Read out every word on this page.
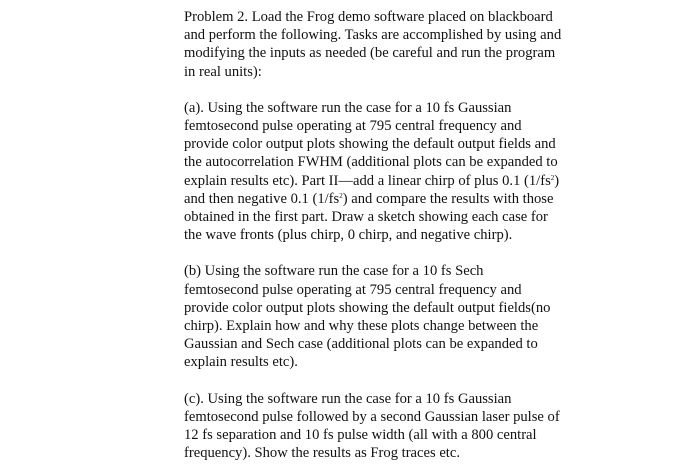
Problem 2. Load the Frog demo software placed on blackboard
and perform the following. Tasks are accomplished by using and
modifying the inputs as needed (be careful and run the program
in real units):

(a). Using the software run the case for a 10 fs Gaussian
femtosecond pulse operating at 795 central frequency and
provide color output plots showing the default output fields and
the autocorrelation FWHM (additional plots can be expanded to
explain results etc). Part II—add a linear chirp of plus 0.1 $(1/fs^2)$
and then negative 0.1 $(1/fs^2)$ and compare the results with those
obtained in the first part. Draw a sketch showing each case for
the wave fronts (plus chirp, 0 chirp, and negative chirp).

(b) Using the software run the case for a 10 fs Sech
femtosecond pulse operating at 795 central frequency and
provide color output plots showing the default output fields(no
chirp). Explain how and why these plots change between the
Gaussian and Sech case (additional plots can be expanded to
explain results etc).

(c). Using the software run the case for a 10 fs Gaussian
femtosecond pulse followed by a second Gaussian laser pulse of
12 fs separation and 10 fs pulse width (all with a 800 central
frequency). Show the results as Frog traces etc.
